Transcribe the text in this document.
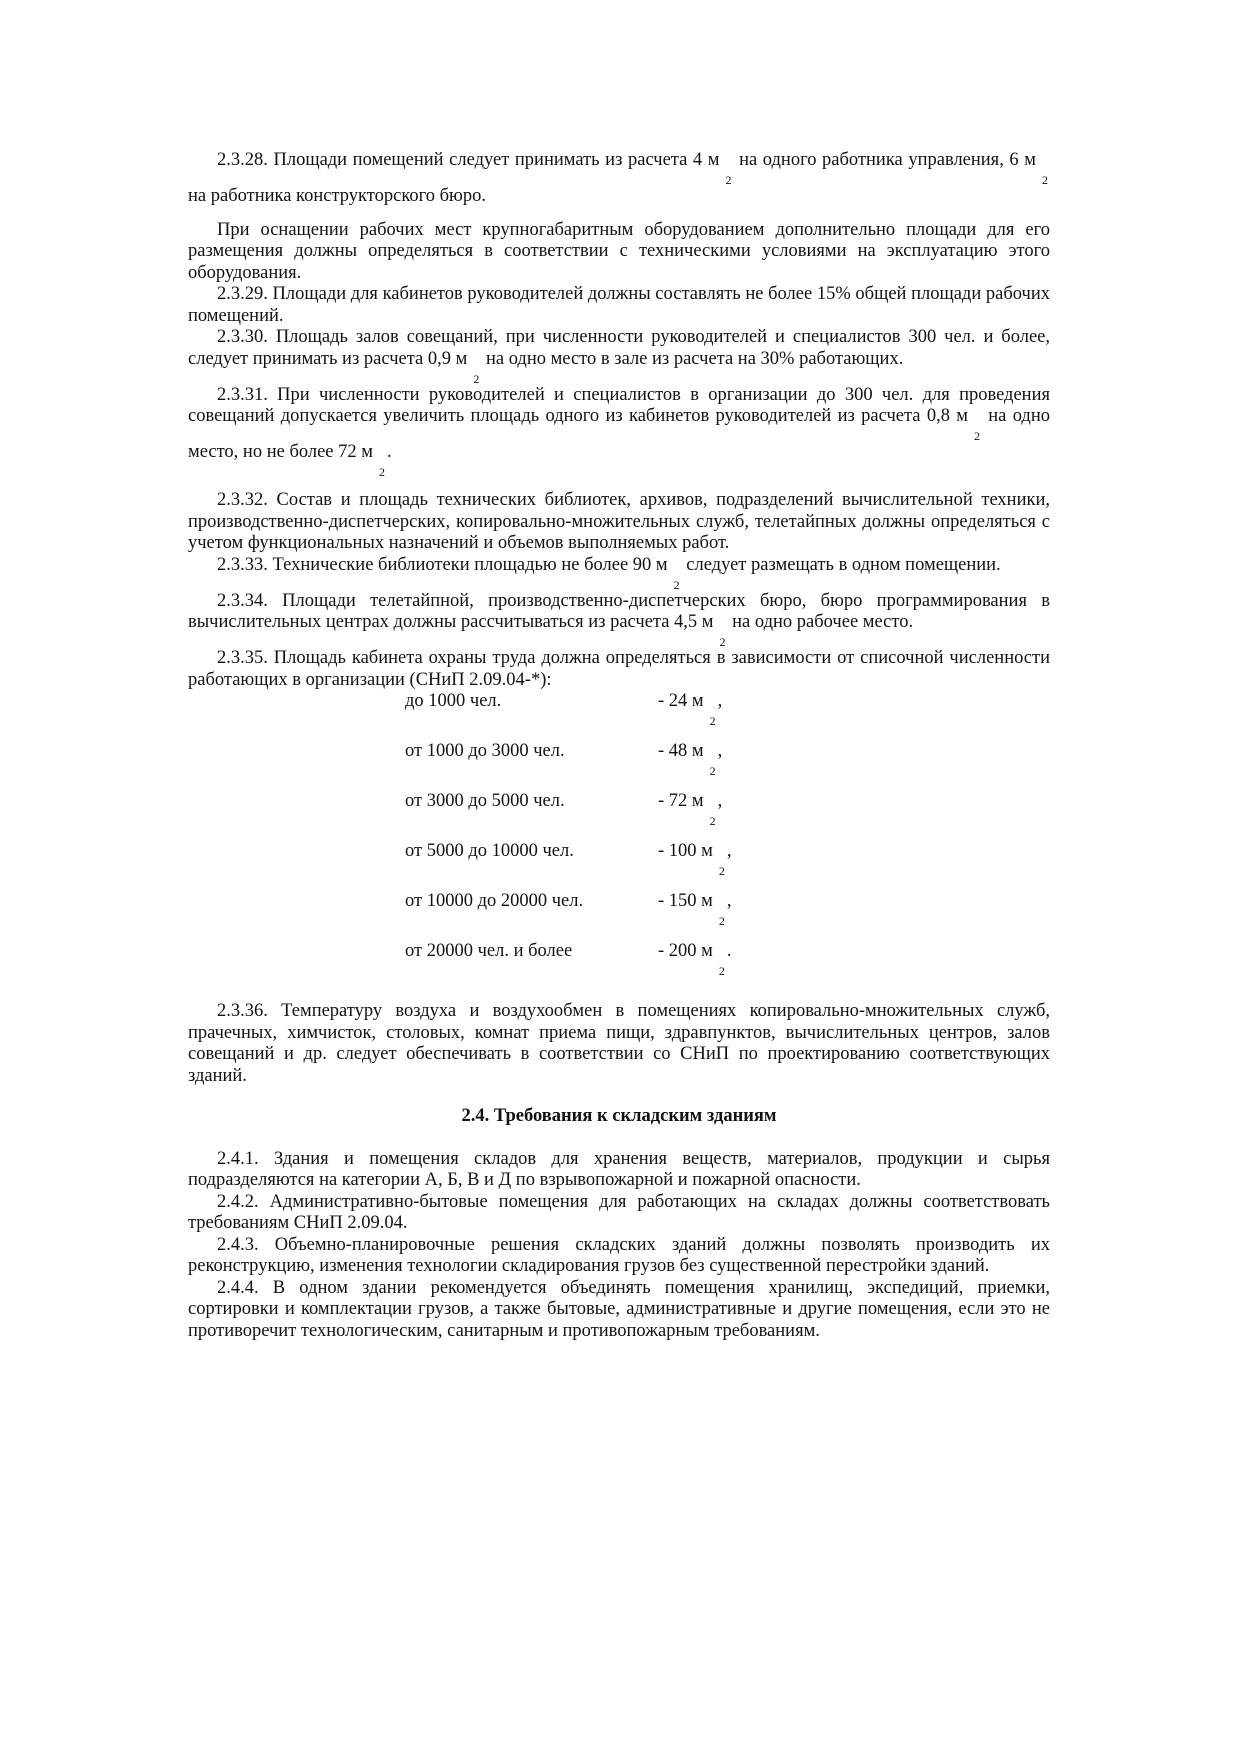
2.3.28. Площади помещений следует принимать из расчета 4 $м_2$ на одного работника управления, 6 $м_2$ на работника конструкторского бюро.

При оснащении рабочих мест крупногабаритным оборудованием дополнительно площади для его размещения должны определяться в соответствии с техническими условиями на эксплуатацию этого оборудования.

2.3.29. Площади для кабинетов руководителей должны составлять не более 15% общей площади рабочих помещений.

2.3.30. Площадь залов совещаний, при численности руководителей и специалистов 300 чел. и более, следует принимать из расчета 0,9 $м_2$ на одно место в зале из расчета на 30% работающих.

2.3.31. При численности руководителей и специалистов в организации до 300 чел. для проведения совещаний допускается увеличить площадь одного из кабинетов руководителей из расчета 0,8 $м_2$ на одно место, но не более 72 $м_2$.

2.3.32. Состав и площадь технических библиотек, архивов, подразделений вычислительной техники, производственно-диспетчерских, копировально-множительных служб, телетайпных должны определяться с учетом функциональных назначений и объемов выполняемых работ.

2.3.33. Технические библиотеки площадью не более 90 $м_2$ следует размещать в одном помещении.

2.3.34. Площади телетайпной, производственно-диспетчерских бюро, бюро программирования в вычислительных центрах должны рассчитываться из расчета 4,5 $м_2$ на одно рабочее место.

2.3.35. Площадь кабинета охраны труда должна определяться в зависимости от списочной численности работающих в организации (СНиП 2.09.04-*):

до 1000 чел.	- 24 $м_2$,
от 1000 до 3000 чел.	- 48 $м_2$,
от 3000 до 5000 чел.	- 72 $м_2$,
от 5000 до 10000 чел.	- 100 $м_2$,
от 10000 до 20000 чел.	- 150 $м_2$,
от 20000 чел. и более	- 200 $м_2$.

2.3.36. Температуру воздуха и воздухообмен в помещениях копировально-множительных служб, прачечных, химчисток, столовых, комнат приема пищи, здравпунктов, вычислительных центров, залов совещаний и др. следует обеспечивать в соответствии со СНиП по проектированию соответствующих зданий.

2.4. Требования к складским зданиям

2.4.1. Здания и помещения складов для хранения веществ, материалов, продукции и сырья подразделяются на категории А, Б, В и Д по взрывопожарной и пожарной опасности.

2.4.2. Административно-бытовые помещения для работающих на складах должны соответствовать требованиям СНиП 2.09.04.

2.4.3. Объемно-планировочные решения складских зданий должны позволять производить их реконструкцию, изменения технологии складирования грузов без существенной перестройки зданий.

2.4.4. В одном здании рекомендуется объединять помещения хранилищ, экспедиций, приемки, сортировки и комплектации грузов, а также бытовые, административные и другие помещения, если это не противоречит технологическим, санитарным и противопожарным требованиям.
